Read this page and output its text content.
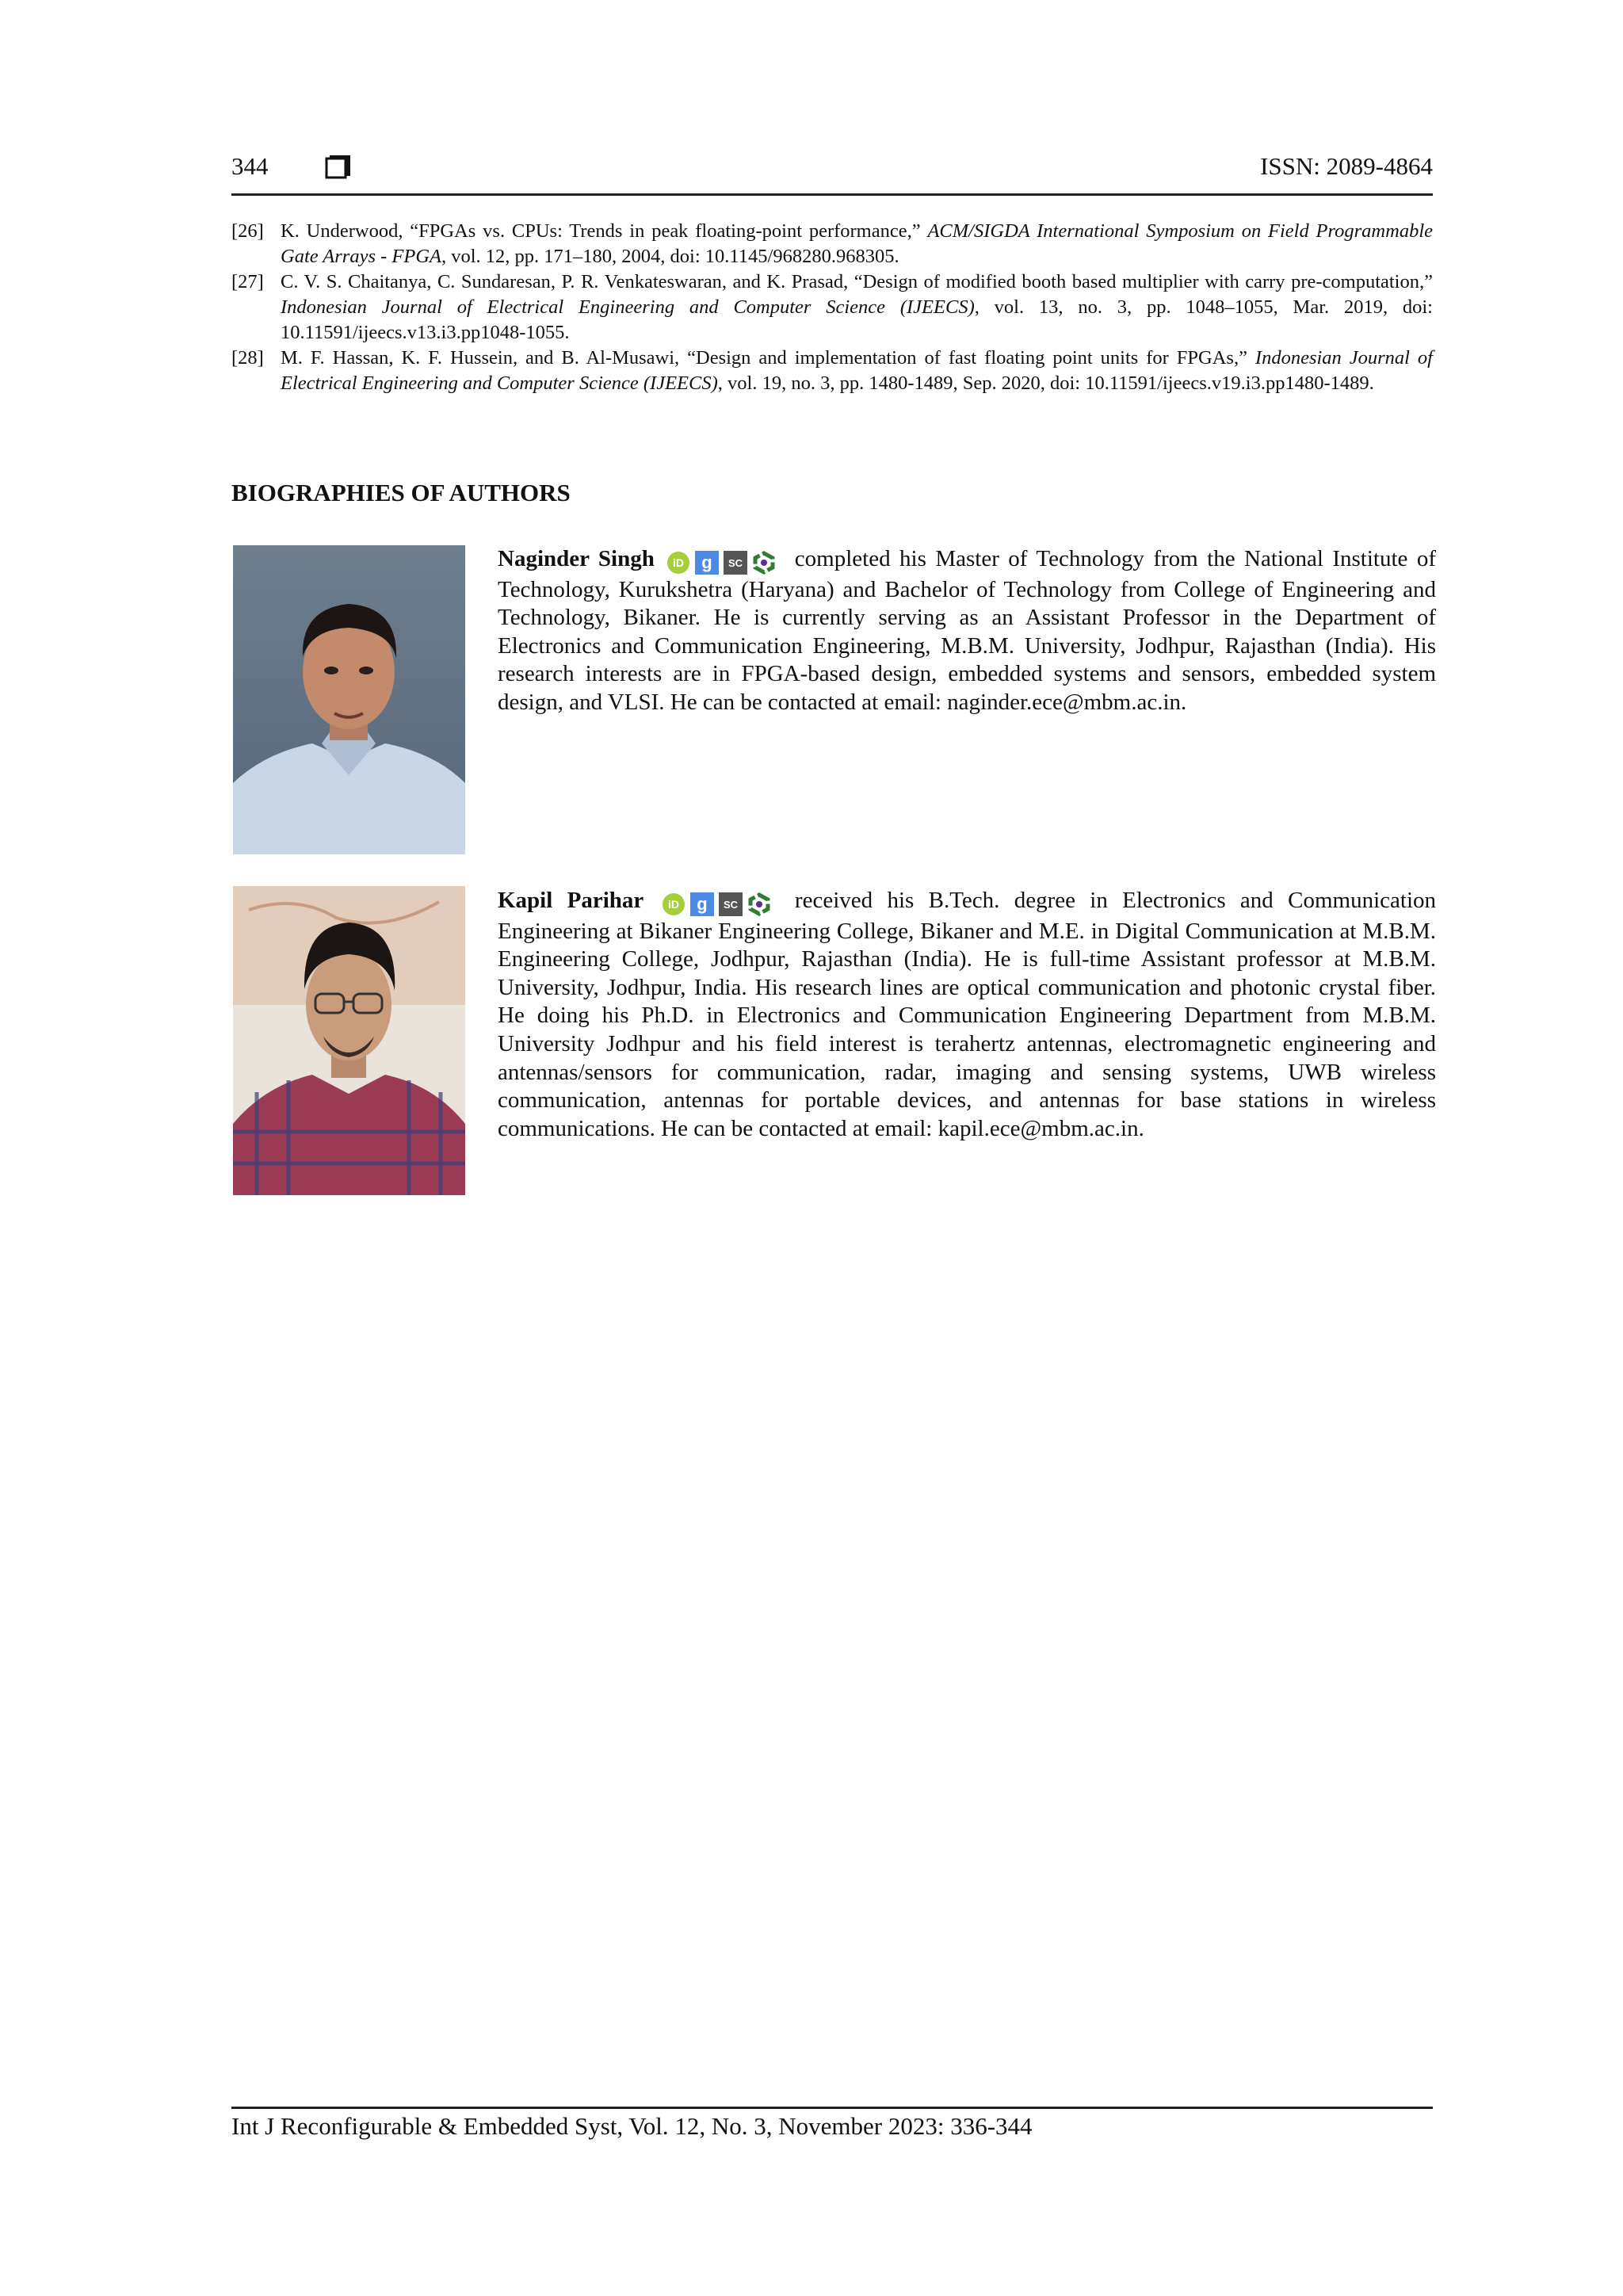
344	ISSN: 2089-4864
[26] K. Underwood, “FPGAs vs. CPUs: Trends in peak floating-point performance,” ACM/SIGDA International Symposium on Field Programmable Gate Arrays - FPGA, vol. 12, pp. 171–180, 2004, doi: 10.1145/968280.968305.
[27] C. V. S. Chaitanya, C. Sundaresan, P. R. Venkateswaran, and K. Prasad, “Design of modified booth based multiplier with carry pre-computation,” Indonesian Journal of Electrical Engineering and Computer Science (IJEECS), vol. 13, no. 3, pp. 1048–1055, Mar. 2019, doi: 10.11591/ijeecs.v13.i3.pp1048-1055.
[28] M. F. Hassan, K. F. Hussein, and B. Al-Musawi, “Design and implementation of fast floating point units for FPGAs,” Indonesian Journal of Electrical Engineering and Computer Science (IJEECS), vol. 19, no. 3, pp. 1480-1489, Sep. 2020, doi: 10.11591/ijeecs.v19.i3.pp1480-1489.
BIOGRAPHIES OF AUTHORS
Naginder Singh iD g SC completed his Master of Technology from the National Institute of Technology, Kurukshetra (Haryana) and Bachelor of Technology from College of Engineering and Technology, Bikaner. He is currently serving as an Assistant Professor in the Department of Electronics and Communication Engineering, M.B.M. University, Jodhpur, Rajasthan (India). His research interests are in FPGA-based design, embedded systems and sensors, embedded system design, and VLSI. He can be contacted at email: naginder.ece@mbm.ac.in.
Kapil Parihar iD g SC received his B.Tech. degree in Electronics and Communication Engineering at Bikaner Engineering College, Bikaner and M.E. in Digital Communication at M.B.M. Engineering College, Jodhpur, Rajasthan (India). He is full-time Assistant professor at M.B.M. University, Jodhpur, India. His research lines are optical communication and photonic crystal fiber. He doing his Ph.D. in Electronics and Communication Engineering Department from M.B.M. University Jodhpur and his field interest is terahertz antennas, electromagnetic engineering and antennas/sensors for communication, radar, imaging and sensing systems, UWB wireless communication, antennas for portable devices, and antennas for base stations in wireless communications. He can be contacted at email: kapil.ece@mbm.ac.in.
Int J Reconfigurable & Embedded Syst, Vol. 12, No. 3, November 2023: 336-344
